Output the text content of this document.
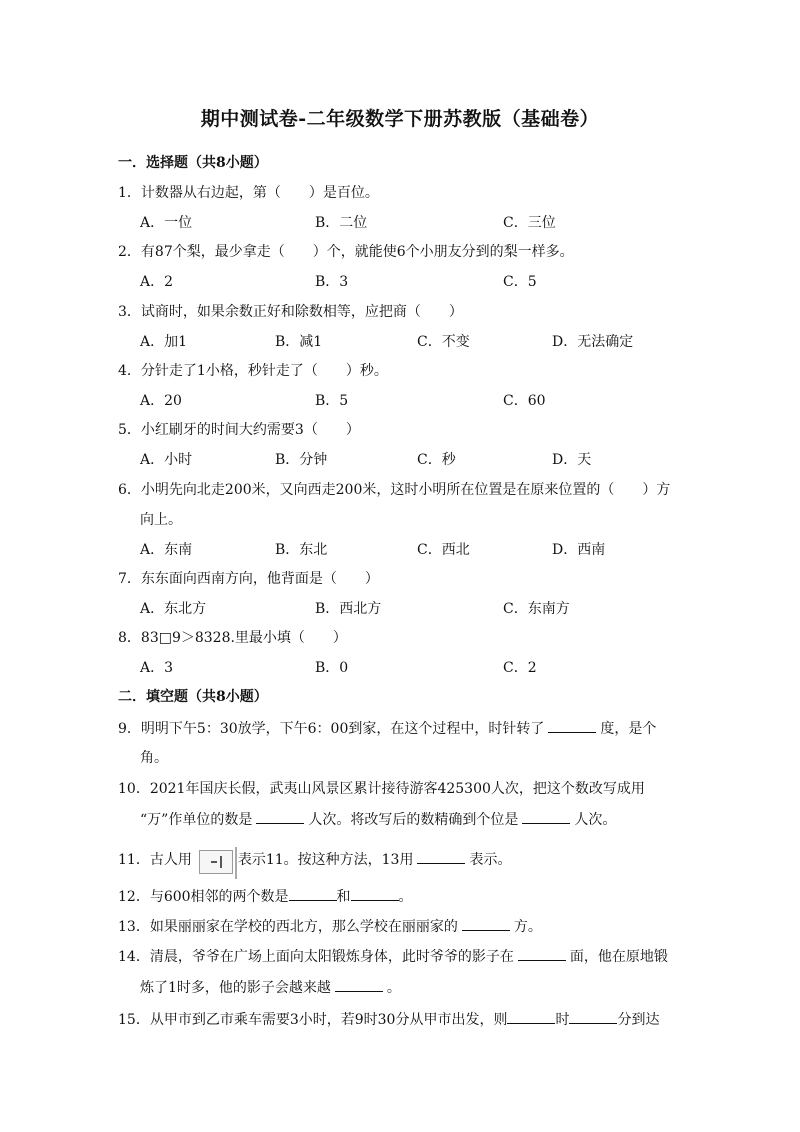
期中测试卷-二年级数学下册苏教版（基础卷）
一．选择题（共8小题）
1．计数器从右边起，第（　　）是百位。
A．一位	B．二位	C．三位
2．有87个梨，最少拿走（　　）个，就能使6个小朋友分到的梨一样多。
A．2	B．3	C．5
3．试商时，如果余数正好和除数相等，应把商（　　）
A．加1	B．减1	C．不变	D．无法确定
4．分针走了1小格，秒针走了（　　）秒。
A．20	B．5	C．60
5．小红刷牙的时间大约需要3（　　）
A．小时	B．分钟	C．秒	D．天
6．小明先向北走200米，又向西走200米，这时小明所在位置是在原来位置的（　　）方
向上。
A．东南	B．东北	C．西北	D．西南
7．东东面向西南方向，他背面是（　　）
A．东北方	B．西北方	C．东南方
8．83□9＞8328.里最小填（　　）
A．3	B．0	C．2
二．填空题（共8小题）
9．明明下午5：30放学，下午6：00到家，在这个过程中，时针转了	度，是个
角。
10．2021年国庆长假，武夷山风景区累计接待游客425300人次，把这个数改写成用
“万”作单位的数是	人次。将改写后的数精确到个位是	人次。
11．古人用	表示11。按这种方法，13用	表示。
12．与600相邻的两个数是	和	。
13．如果丽丽家在学校的西北方，那么学校在丽丽家的	方。
14．清晨，爷爷在广场上面向太阳锻炼身体，此时爷爷的影子在	面，他在原地锻
炼了1时多，他的影子会越来越	。
15．从甲市到乙市乘车需要3小时，若9时30分从甲市出发，则	时	分到达
